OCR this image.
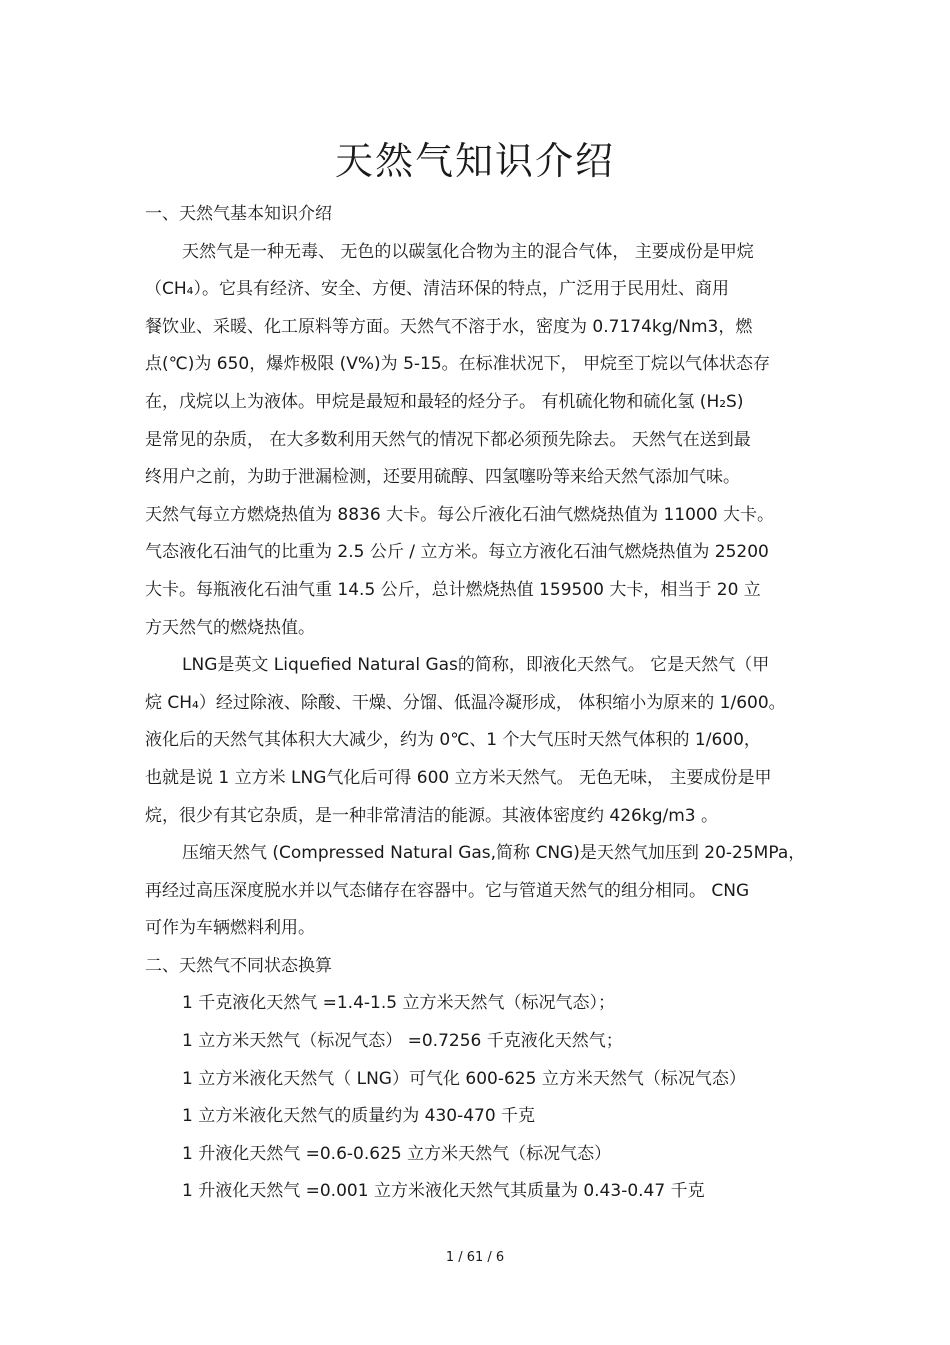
天然气知识介绍
一、天然气基本知识介绍
天然气是一种无毒、 无色的以碳氢化合物为主的混合气体， 主要成份是甲烷
（CH₄）。它具有经济、安全、方便、清洁环保的特点，广泛用于民用灶、商用
餐饮业、采暖、化工原料等方面。天然气不溶于水，密度为 0.7174kg/Nm3，燃
点(℃)为 650，爆炸极限 (V%)为 5-15。在标准状况下， 甲烷至丁烷以气体状态存
在，戊烷以上为液体。甲烷是最短和最轻的烃分子。 有机硫化物和硫化氢 (H₂S)
是常见的杂质， 在大多数利用天然气的情况下都必须预先除去。 天然气在送到最
终用户之前，为助于泄漏检测，还要用硫醇、四氢噻吩等来给天然气添加气味。
天然气每立方燃烧热值为 8836 大卡。每公斤液化石油气燃烧热值为 11000 大卡。
气态液化石油气的比重为 2.5 公斤 / 立方米。每立方液化石油气燃烧热值为 25200
大卡。每瓶液化石油气重 14.5 公斤，总计燃烧热值 159500 大卡，相当于 20 立
方天然气的燃烧热值。
LNG是英文 Liquefied Natural Gas的简称，即液化天然气。 它是天然气（甲
烷 CH₄）经过除液、除酸、干燥、分馏、低温冷凝形成， 体积缩小为原来的 1/600。
液化后的天然气其体积大大减少，约为 0℃、1 个大气压时天然气体积的 1/600，
也就是说 1 立方米 LNG气化后可得 600 立方米天然气。 无色无味， 主要成份是甲
烷，很少有其它杂质，是一种非常清洁的能源。其液体密度约 426kg/m3 。
压缩天然气 (Compressed Natural Gas,简称 CNG)是天然气加压到 20-25MPa，
再经过高压深度脱水并以气态储存在容器中。它与管道天然气的组分相同。 CNG
可作为车辆燃料利用。
二、天然气不同状态换算
1 千克液化天然气 =1.4-1.5 立方米天然气（标况气态）；
1 立方米天然气（标况气态） =0.7256 千克液化天然气；
1 立方米液化天然气（ LNG）可气化 600-625 立方米天然气（标况气态）
1 立方米液化天然气的质量约为 430-470 千克
1 升液化天然气 =0.6-0.625 立方米天然气（标况气态）
1 升液化天然气 =0.001 立方米液化天然气其质量为 0.43-0.47 千克
1 / 61 / 6
